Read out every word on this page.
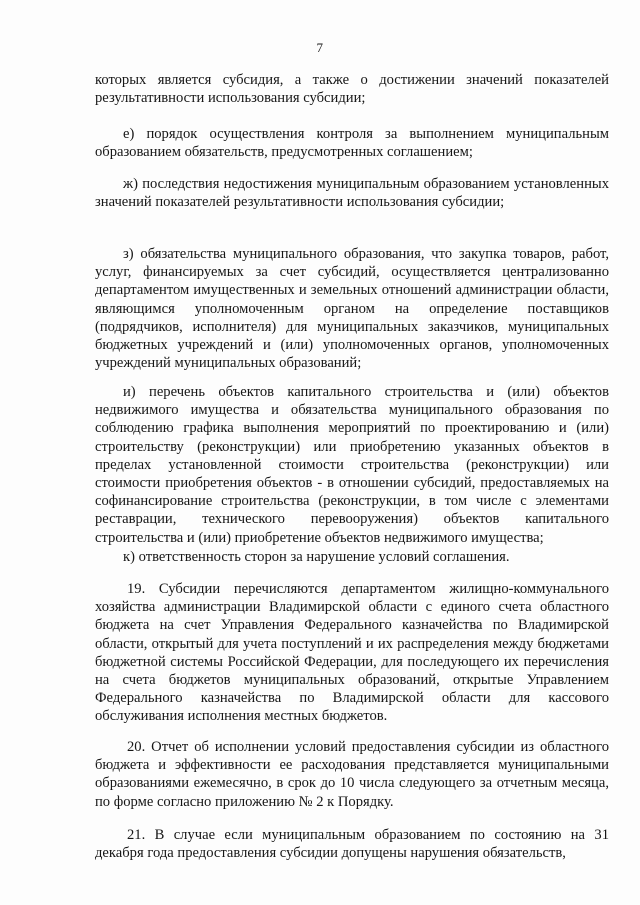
7

которых является субсидия, а также о достижении значений показателей результативности использования субсидии;

е) порядок осуществления контроля за выполнением муниципальным образованием обязательств, предусмотренных соглашением;

ж) последствия недостижения муниципальным образованием установленных значений показателей результативности использования субсидии;

з) обязательства муниципального образования, что закупка товаров, работ, услуг, финансируемых за счет субсидий, осуществляется централизованно департаментом имущественных и земельных отношений администрации области, являющимся уполномоченным органом на определение поставщиков (подрядчиков, исполнителя) для муниципальных заказчиков, муниципальных бюджетных учреждений и (или) уполномоченных органов, уполномоченных учреждений муниципальных образований;

и) перечень объектов капитального строительства и (или) объектов недвижимого имущества и обязательства муниципального образования по соблюдению графика выполнения мероприятий по проектированию и (или) строительству (реконструкции) или приобретению указанных объектов в пределах установленной стоимости строительства (реконструкции) или стоимости приобретения объектов - в отношении субсидий, предоставляемых на софинансирование строительства (реконструкции, в том числе с элементами реставрации, технического перевооружения) объектов капитального строительства и (или) приобретение объектов недвижимого имущества;

к) ответственность сторон за нарушение условий соглашения.

19. Субсидии перечисляются департаментом жилищно-коммунального хозяйства администрации Владимирской области с единого счета областного бюджета на счет Управления Федерального казначейства по Владимирской области, открытый для учета поступлений и их распределения между бюджетами бюджетной системы Российской Федерации, для последующего их перечисления на счета бюджетов муниципальных образований, открытые Управлением Федерального казначейства по Владимирской области для кассового обслуживания исполнения местных бюджетов.

20. Отчет об исполнении условий предоставления субсидии из областного бюджета и эффективности ее расходования представляется муниципальными образованиями ежемесячно, в срок до 10 числа следующего за отчетным месяца, по форме согласно приложению № 2 к Порядку.

21. В случае если муниципальным образованием по состоянию на 31 декабря года предоставления субсидии допущены нарушения обязательств,
